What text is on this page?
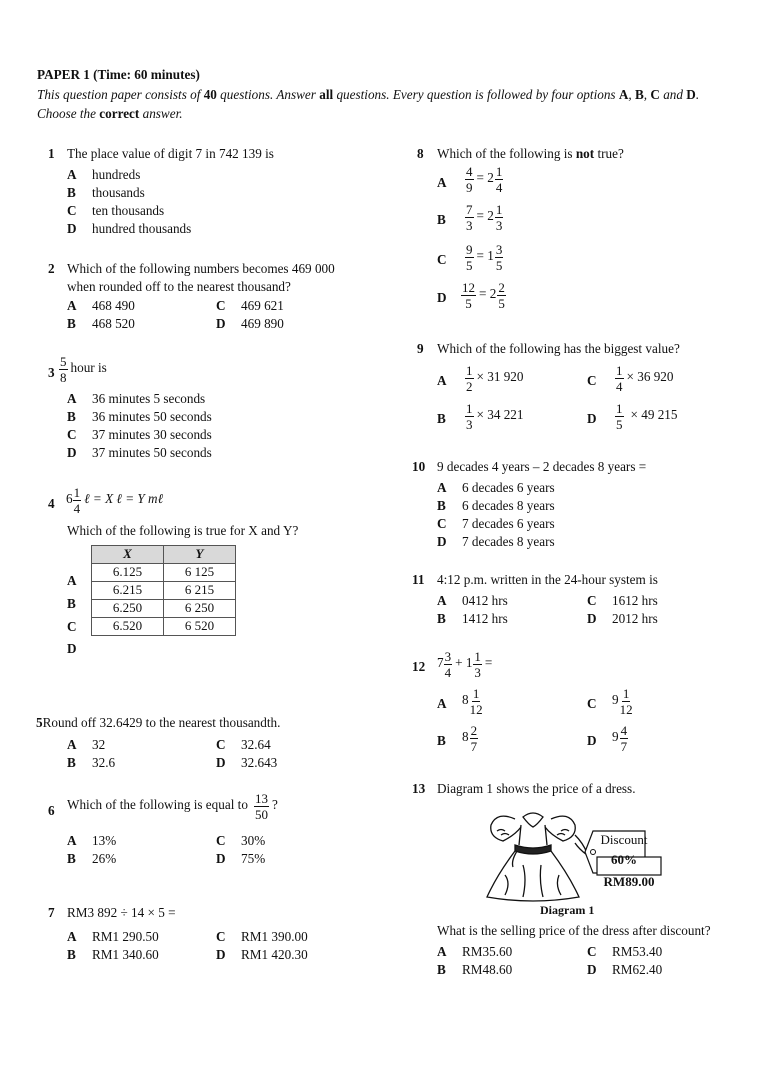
PAPER 1 (Time: 60 minutes)
This question paper consists of 40 questions. Answer all questions. Every question is followed by four options A, B, C and D. Choose the correct answer.
1 The place value of digit 7 in 742 139 is
A hundreds
B thousands
C ten thousands
D hundred thousands
2 Which of the following numbers becomes 469 000
when rounded off to the nearest thousand?
A 468 490
B 468 520
C 469 621
D 469 890
$3 \frac{5}{8}$ hour is
A 36 minutes 5 seconds
B 36 minutes 50 seconds
C 37 minutes 30 seconds
D 37 minutes 50 seconds
4 $6 \frac{1}{4}$ ℓ = X ℓ = Y mℓ
Which of the following is true for X and Y?
X	Y
6.125	6 125
6.215	6 215
6.250	6 250
6.520	6 520
A
B
C
D
5Round off 32.6429 to the nearest thousandth.
A 32
B 32.6
C 32.64
D 32.643
6 Which of the following is equal to $\frac{13}{50}$ ?
A 13%
B 26%
C 30%
D 75%
7 RM3 892 ÷ 14 × 5 =
A RM1 290.50
B RM1 340.60
C RM1 390.00
D RM1 420.30
8 Which of the following is not true?
A $\frac{4}{9} = 2 \frac{1}{4}$
B $\frac{7}{3} = 2 \frac{1}{3}$
C $\frac{9}{5} = 1 \frac{3}{5}$
D $\frac{12}{5} = 2 \frac{2}{5}$
9 Which of the following has the biggest value?
A $\frac{1}{2} \times 31$ 920
B $\frac{1}{3} \times 34$ 221
C $\frac{1}{4} \times 36$ 920
D $\frac{1}{5} \times 49$ 215
10 9 decades 4 years – 2 decades 8 years =
A 6 decades 6 years
B 6 decades 8 years
C 7 decades 6 years
D 7 decades 8 years
11 4:12 p.m. written in the 24-hour system is
A 0412 hrs
B 1412 hrs
C 1612 hrs
D 2012 hrs
12 $7 \frac{3}{4} + 1 \frac{1}{3}$ =
A $8 \frac{1}{12}$
B $8 \frac{2}{7}$
C $9 \frac{1}{12}$
D $9 \frac{4}{7}$
13 Diagram 1 shows the price of a dress.
Discount
60%
RM89.00
Diagram 1
What is the selling price of the dress after discount?
A RM35.60
B RM48.60
C RM53.40
D RM62.40
